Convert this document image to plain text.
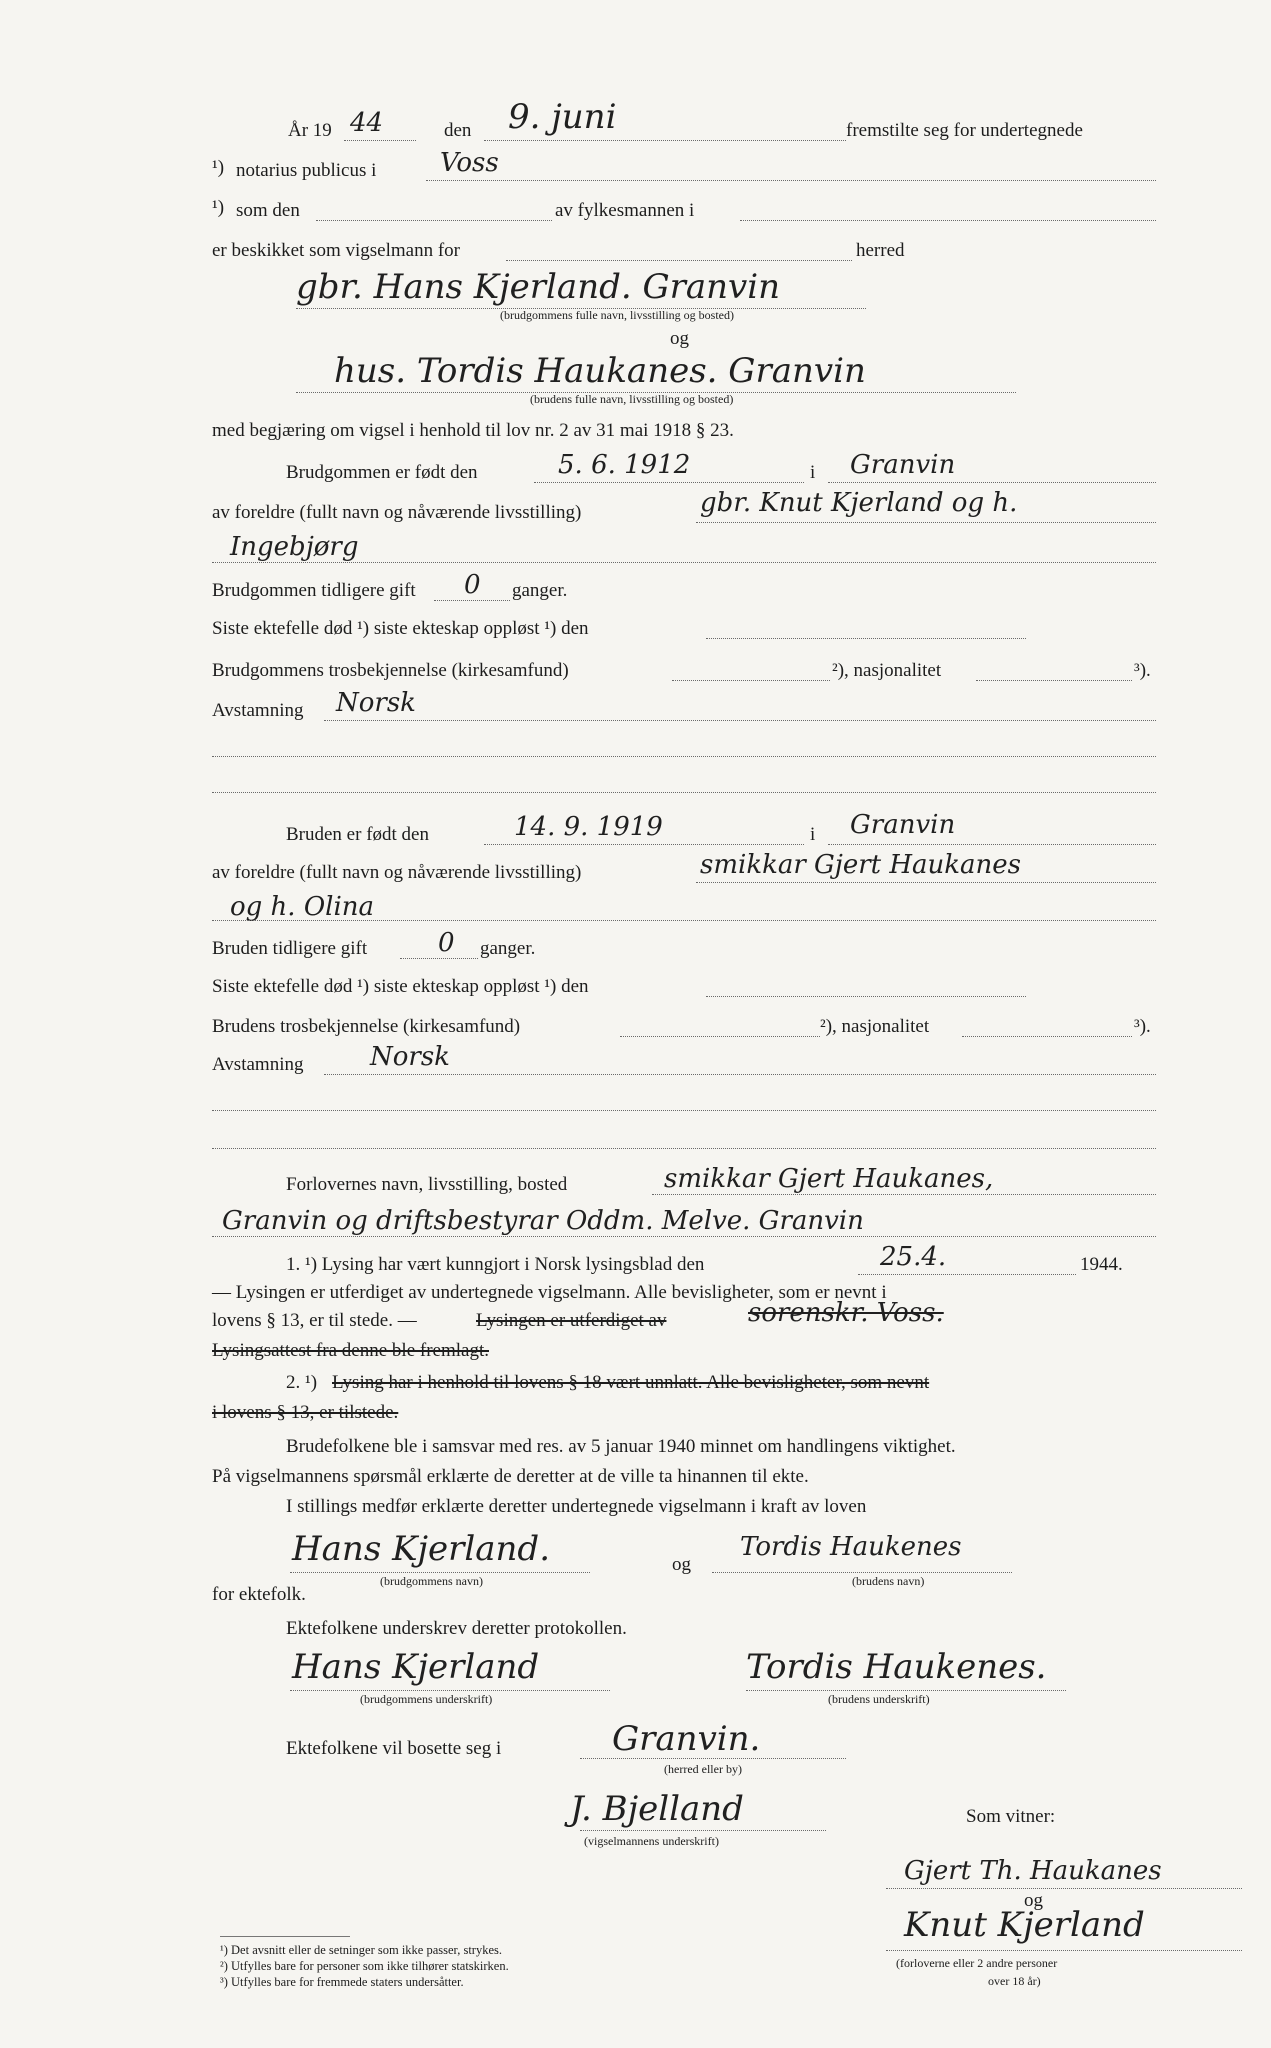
År 19 44	den 9. juni	fremstilte seg for undertegnede
¹) notarius publicus i Voss
¹) som den	av fylkesmannen i
er beskikket som vigselmann for	herred
gbr. Hans Kjerland. Granvin
(brudgommens fulle navn, livsstilling og bosted)
og
hus. Tordis Haukanes. Granvin
(brudens fulle navn, livsstilling og bosted)
med begjæring om vigsel i henhold til lov nr. 2 av 31 mai 1918 § 23.
Brudgommen er født den	5. 6. 1912	i Granvin
av foreldre (fullt navn og nåværende livsstilling)	gbr. Knut Kjerland og h.
Ingebjørg
Brudgommen tidligere gift 0 ganger.
Siste ektefelle død ¹) siste ekteskap oppløst ¹) den
Brudgommens trosbekjennelse (kirkesamfund)	²), nasjonalitet	³).
Avstamning Norsk
Bruden er født den	14. 9. 1919	i Granvin
av foreldre (fullt navn og nåværende livsstilling)	smikkar Gjert Haukanes
og h. Olina
Bruden tidligere gift	0 ganger.
Siste ektefelle død ¹) siste ekteskap oppløst ¹) den
Brudens trosbekjennelse (kirkesamfund)	²), nasjonalitet	³).
Avstamning	Norsk
Forlovernes navn, livsstilling, bosted	smikkar Gjert Haukanes,
Granvin og driftsbestyrar Oddm. Melve. Granvin
1. ¹) Lysing har vært kunngjort i Norsk lysingsblad den	25.4.	1944.
— Lysingen er utferdiget av undertegnede vigselmann. Alle bevisligheter, som er nevnt i
lovens § 13, er til stede. —	Lysingen er utferdiget av	sorenskr. Voss.
Lysingsattest fra denne ble fremlagt.
2. ¹) Lysing har i henhold til lovens § 18 vært unnlatt. Alle bevisligheter, som nevnt
i lovens § 13, er tilstede.
Brudefolkene ble i samsvar med res. av 5 januar 1940 minnet om handlingens viktighet.
På vigselmannens spørsmål erklærte de deretter at de ville ta hinannen til ekte.
I stillings medfør erklærte deretter undertegnede vigselmann i kraft av loven
Hans Kjerland.
(brudgommens navn)
og
Tordis Haukenes
(brudens navn)
for ektefolk.
Ektefolkene underskrev deretter protokollen.
Hans Kjerland
(brudgommens underskrift)
Tordis Haukenes.
(brudens underskrift)
Ektefolkene vil bosette seg i	Granvin.
(herred eller by)
J. Bjelland
(vigselmannens underskrift)
Som vitner:
Gjert Th. Haukanes
og
Knut Kjerland
(forloverne eller 2 andre personer
over 18 år)
¹) Det avsnitt eller de setninger som ikke passer, strykes.
²) Utfylles bare for personer som ikke tilhører statskirken.
³) Utfylles bare for fremmede staters undersåtter.
